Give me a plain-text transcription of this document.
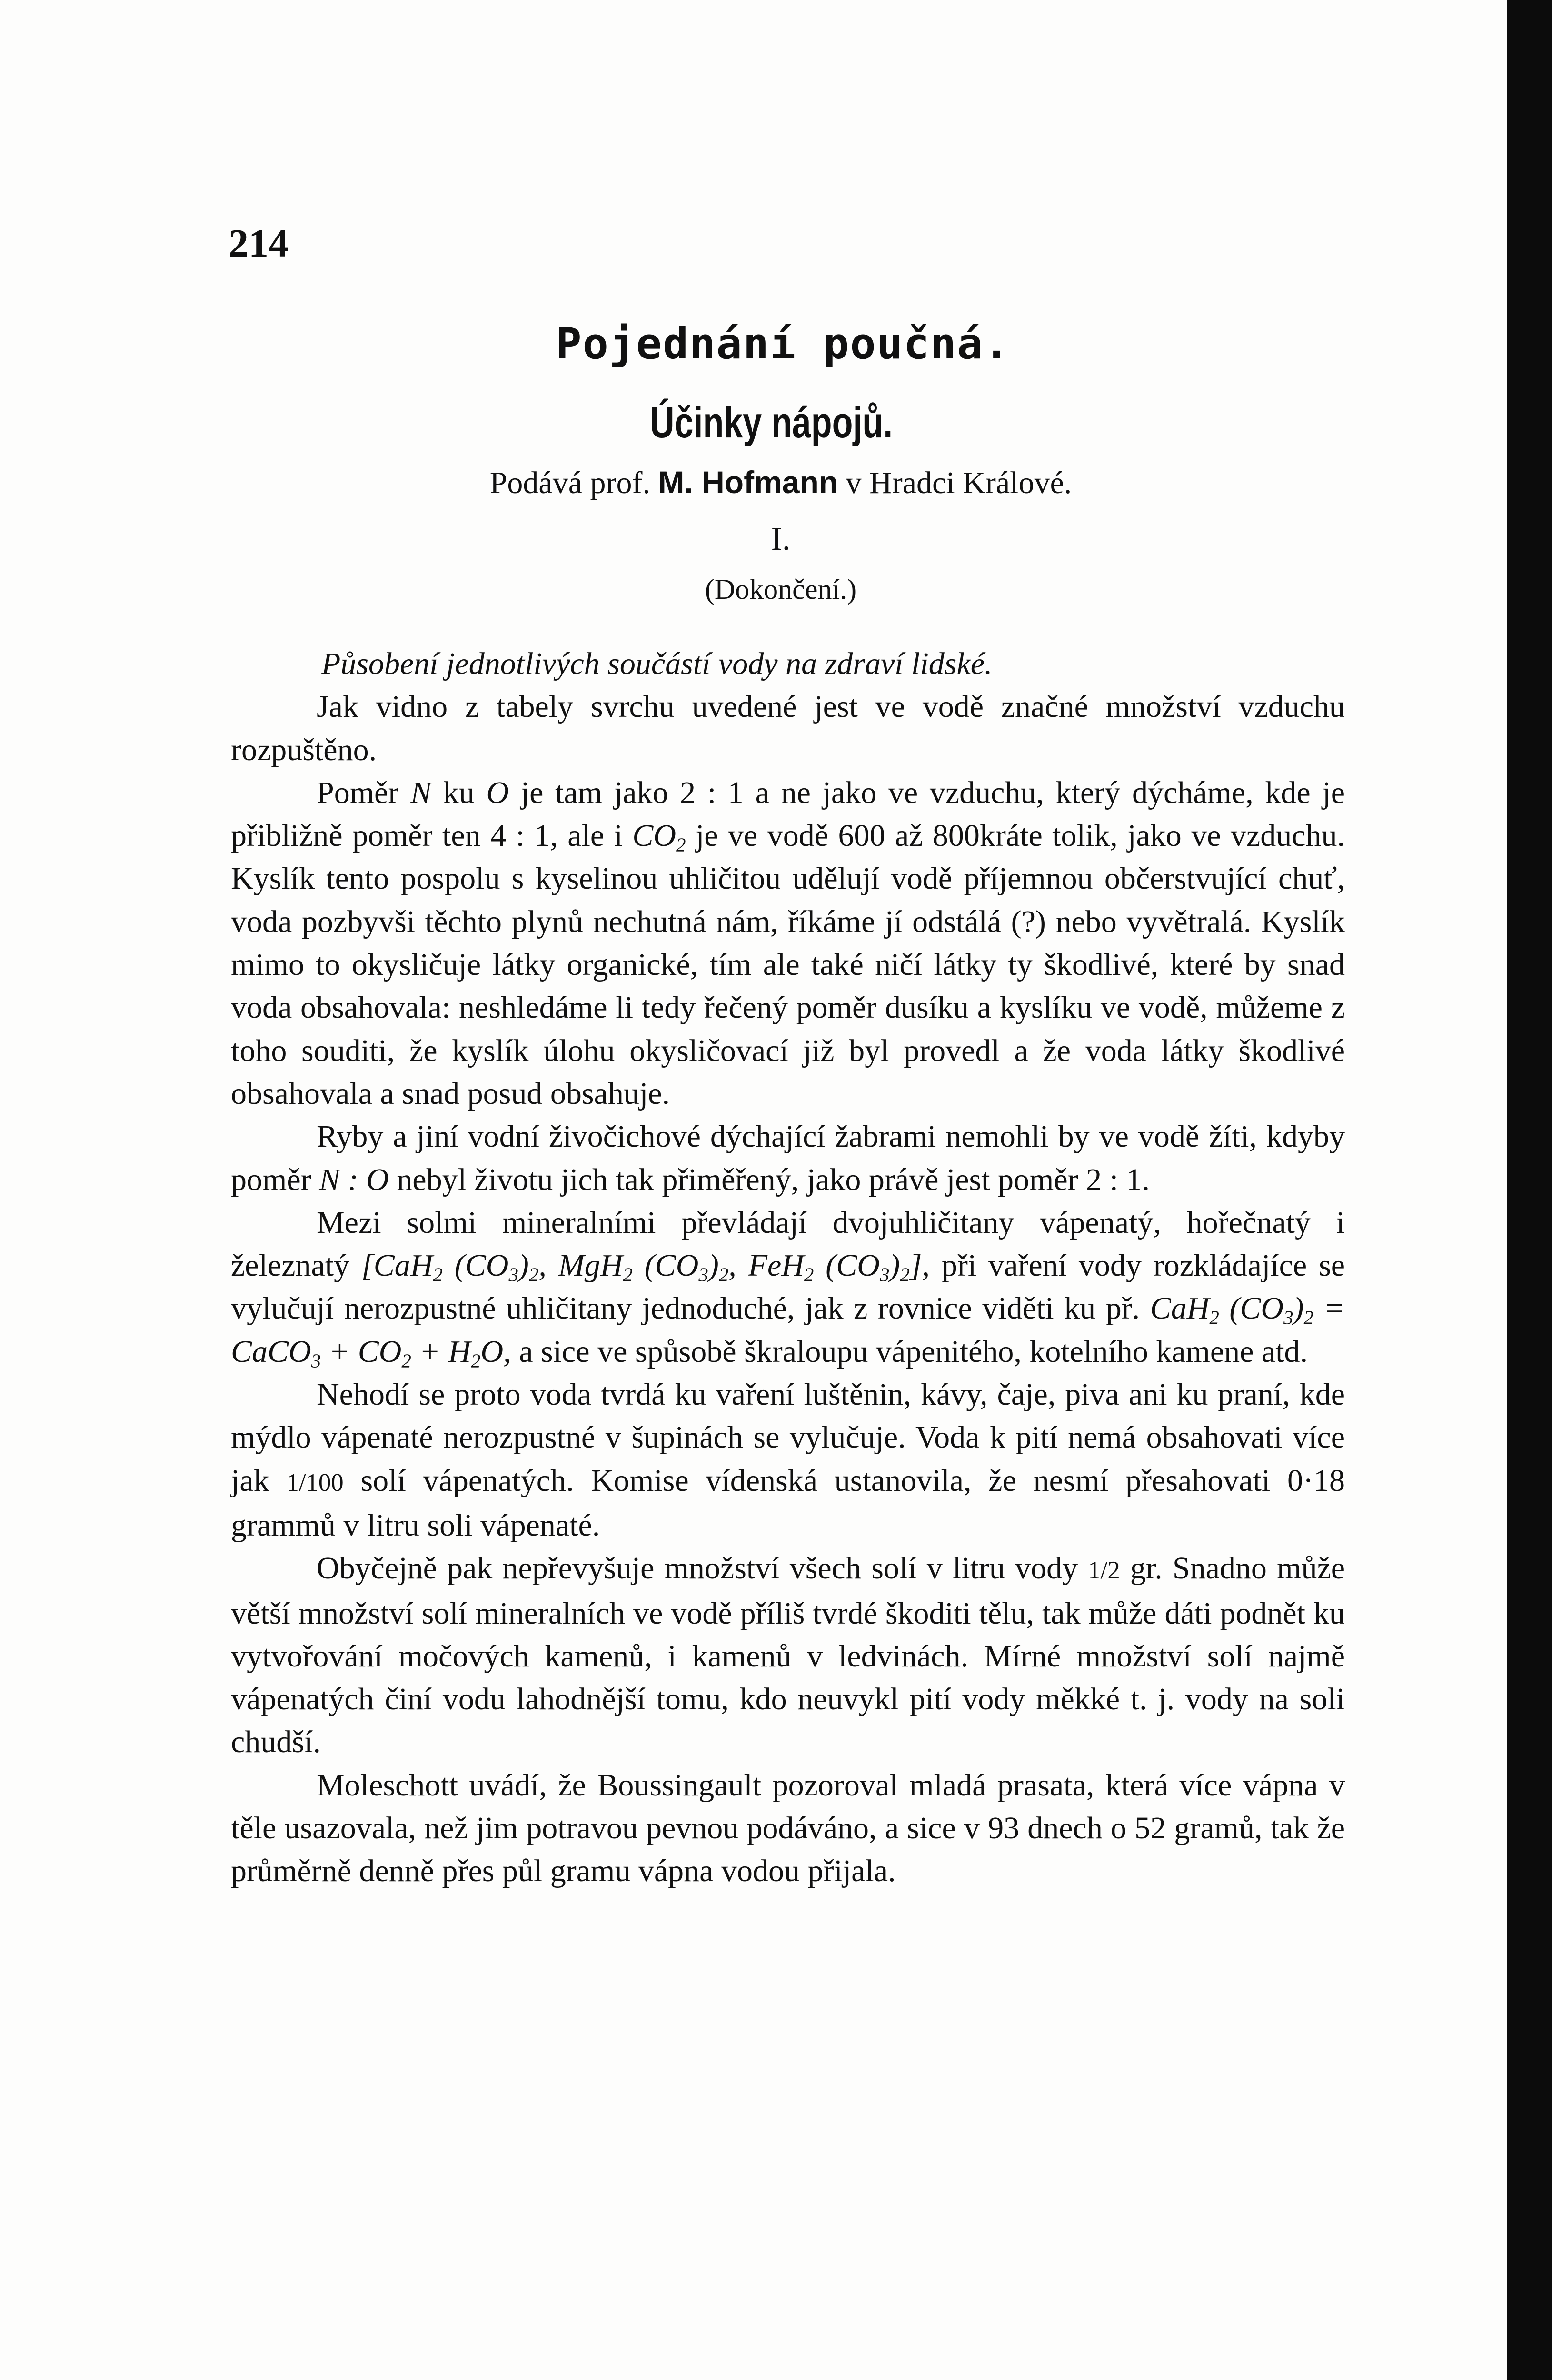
214
Pojednání poučná.
Účinky nápojů.
Podává prof. M. Hofmann v Hradci Králové.
I.
(Dokončení.)

Působení jednotlivých součástí vody na zdraví lidské.

Jak vidno z tabely svrchu uvedené jest ve vodě značné množství vzduchu rozpuštěno.

Poměr N ku O je tam jako 2 : 1 a ne jako ve vzduchu, který dýcháme, kde je přibližně poměr ten 4 : 1, ale i $CO_2$ je ve vodě 600 až 800kráte tolik, jako ve vzduchu. Kyslík tento pospolu s kyselinou uhličitou udělují vodě příjemnou občerstvující chuť, voda pozbyvši těchto plynů nechutná nám, říkáme jí odstálá (?) nebo vyvětralá. Kyslík mimo to okysličuje látky organické, tím ale také ničí látky ty škodlivé, které by snad voda obsahovala: neshledáme li tedy řečený poměr dusíku a kyslíku ve vodě, můžeme z toho souditi, že kyslík úlohu okysličovací již byl provedl a že voda látky škodlivé obsahovala a snad posud obsahuje.

Ryby a jiní vodní živočichové dýchající žabrami nemohli by ve vodě žíti, kdyby poměr N : O nebyl životu jich tak přiměřený, jako právě jest poměr 2 : 1.

Mezi solmi mineralními převládají dvojuhličitany vápenatý, hořečnatý i železnatý [CaH$_2$ $(CO_3)_2$, MgH$_2$ $(CO_3)_2$, FeH$_2$ $(CO_3)_2$], při vaření vody rozkládajíce se vylučují nerozpustné uhličitany jednoduché, jak z rovnice viděti ku př. CaH$_2$ $(CO_3)_2$ = CaCO$_3$ + $CO_2 + H_2O$, a sice ve spůsobě škraloupu vápenitého, kotelního kamene atd.

Nehodí se proto voda tvrdá ku vaření luštěnin, kávy, čaje, piva ani ku praní, kde mýdlo vápenaté nerozpustné v šupinách se vylučuje. Voda k pití nemá obsahovati více jak 1/100 solí vápenatých. Komise vídenská ustanovila, že nesmí přesahovati 0·18 grammů v litru soli vápenaté.

Obyčejně pak nepřevyšuje množství všech solí v litru vody 1/2 gr. Snadno může větší množství solí mineralních ve vodě příliš tvrdé škoditi tělu, tak může dáti podnět ku vytvořování močových kamenů, i kamenů v ledvinách. Mírné množství solí najmě vápenatých činí vodu lahodnější tomu, kdo neuvykl pití vody měkké t. j. vody na soli chudší.

Moleschott uvádí, že Boussingault pozoroval mladá prasata, která více vápna v těle usazovala, než jim potravou pevnou podáváno, a sice v 93 dnech o 52 gramů, tak že průměrně denně přes půl gramu vápna vodou přijala.
